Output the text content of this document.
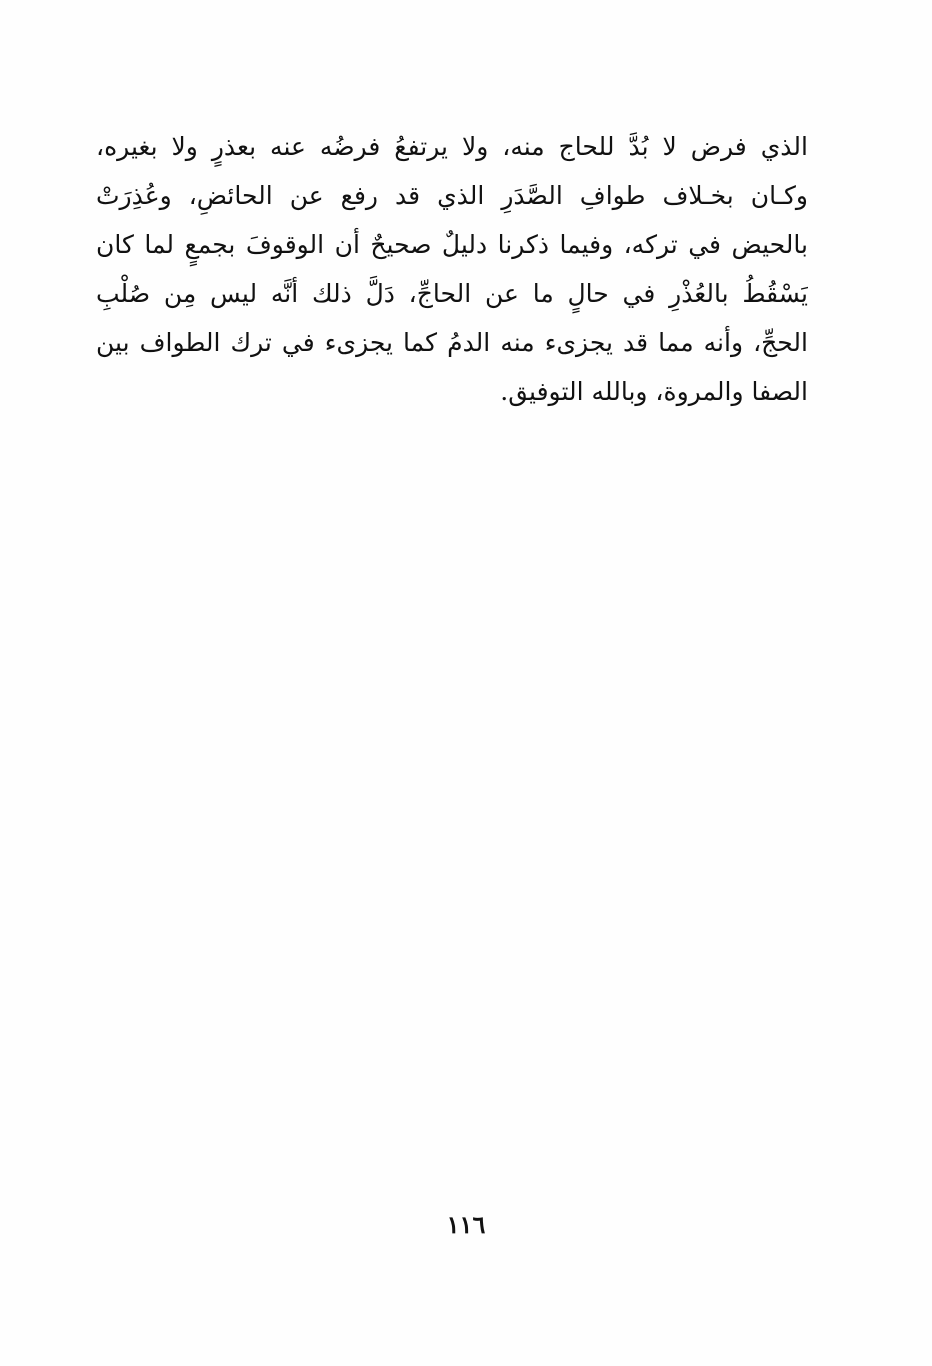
الذي فرض لا بُدَّ للحاج منه، ولا يرتفعُ فرضُه عنه بعذرٍ ولا بغيره،
وكـان بخـلاف طوافِ الصَّدَرِ الذي قد رفع عن الحائضِ، وعُذِرَتْ
بالحيض في تركه، وفيما ذكرنا دليلٌ صحيحٌ أن الوقوفَ بجمعٍ لما كان
يَسْقُطُ بالعُذْرِ في حالٍ ما عن الحاجِّ، دَلَّ ذلك أنَّه ليس مِن صُلْبِ
الحجِّ، وأنه مما قد يجزىء منه الدمُ كما يجزىء في ترك الطواف بين
الصفا والمروة، وبالله التوفيق.
١١٦
